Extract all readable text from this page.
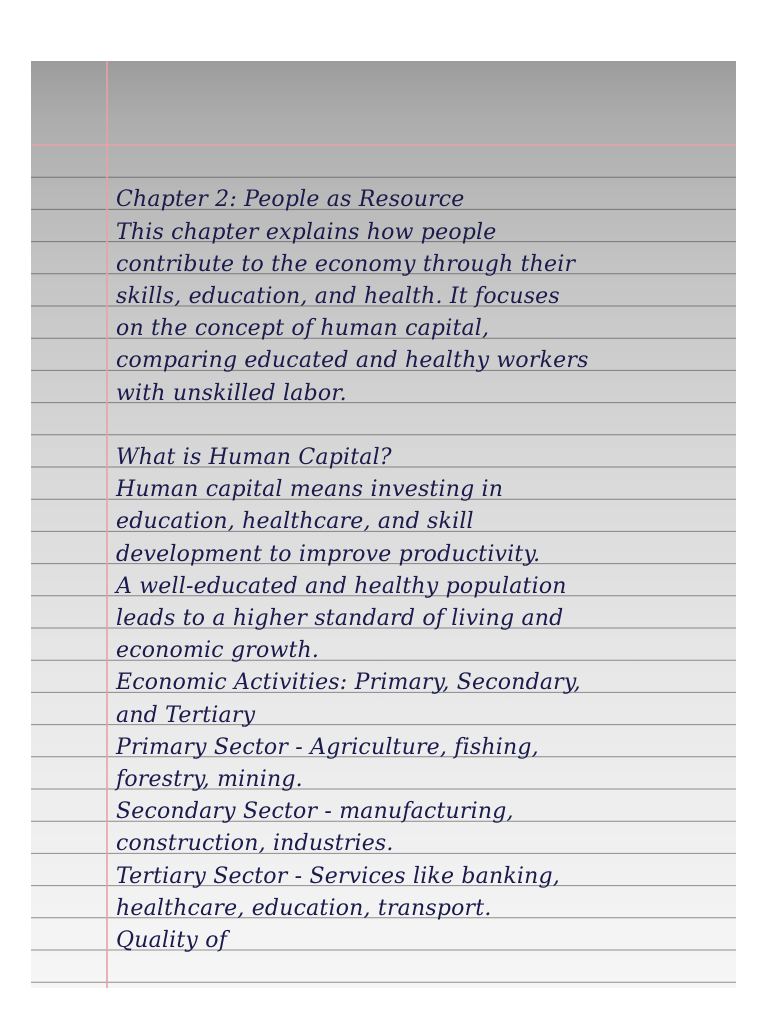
Chapter 2: People as Resource
This chapter explains how people
contribute to the economy through their
skills, education, and health. It focuses
on the concept of human capital,
comparing educated and healthy workers
with unskilled labor.
What is Human Capital?
Human capital means investing in
education, healthcare, and skill
development to improve productivity.
A well-educated and healthy population
leads to a higher standard of living and
economic growth.
Economic Activities: Primary, Secondary,
and Tertiary
Primary Sector - Agriculture, fishing,
forestry, mining.
Secondary Sector - manufacturing,
construction, industries.
Tertiary Sector - Services like banking,
healthcare, education, transport.
Quality of
